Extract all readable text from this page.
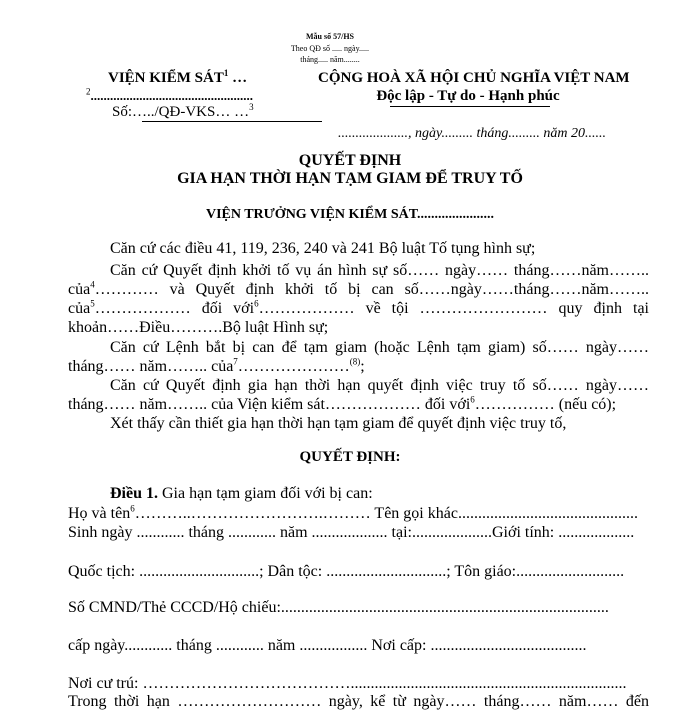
Mẫu số 57/HS
Theo QĐ số ..... ngày.....
tháng..... năm........
VIỆN KIỂM SÁT$^1$ …
$^2$..................................................
Số:…../QĐ-VKS… …$^3$
CỘNG HOÀ XÃ HỘI CHỦ NGHĨA VIỆT NAM
Độc lập - Tự do - Hạnh phúc
...................., ngày......... tháng......... năm 20......
QUYẾT ĐỊNH
GIA HẠN THỜI HẠN TẠM GIAM ĐỂ TRUY TỐ
VIỆN TRƯỞNG VIỆN KIỂM SÁT......................
Căn cứ các điều 41, 119, 236, 240 và 241 Bộ luật Tố tụng hình sự;
Căn cứ Quyết định khởi tố vụ án hình sự số…… ngày…… tháng……năm……..
của$^4$………… và Quyết định khởi tố bị can số……ngày……tháng……năm……..
của$^5$……………… đối với$^6$……………… về tội …………………… quy định tại
khoản……Điều……….Bộ luật Hình sự;
Căn cứ Lệnh bắt bị can để tạm giam (hoặc Lệnh tạm giam) số…… ngày……
tháng…… năm…….. của$^7$…………………$^{(8)}$;
Căn cứ Quyết định gia hạn thời hạn quyết định việc truy tố số…… ngày……
tháng…… năm…….. của Viện kiểm sát……………… đối với$^6$…………… (nếu có);
Xét thấy cần thiết gia hạn thời hạn tạm giam để quyết định việc truy tố,
QUYẾT ĐỊNH:
Điều 1. Gia hạn tạm giam đối với bị can:
Họ và tên$^6$………..…………………….……… Tên gọi khác.............................................
Sinh ngày ............ tháng ............ năm ................... tại:....................Giới tính: ...................
Quốc tịch: ..............................; Dân tộc: ..............................; Tôn giáo:...........................
Số CMND/Thẻ CCCD/Hộ chiếu:..................................................................................
cấp ngày............ tháng ............ năm ................. Nơi cấp: .......................................
Nơi cư trú: ………………………………….....................................................................
Trong thời hạn ……………………… ngày, kể từ ngày…… tháng…… năm…… đến
